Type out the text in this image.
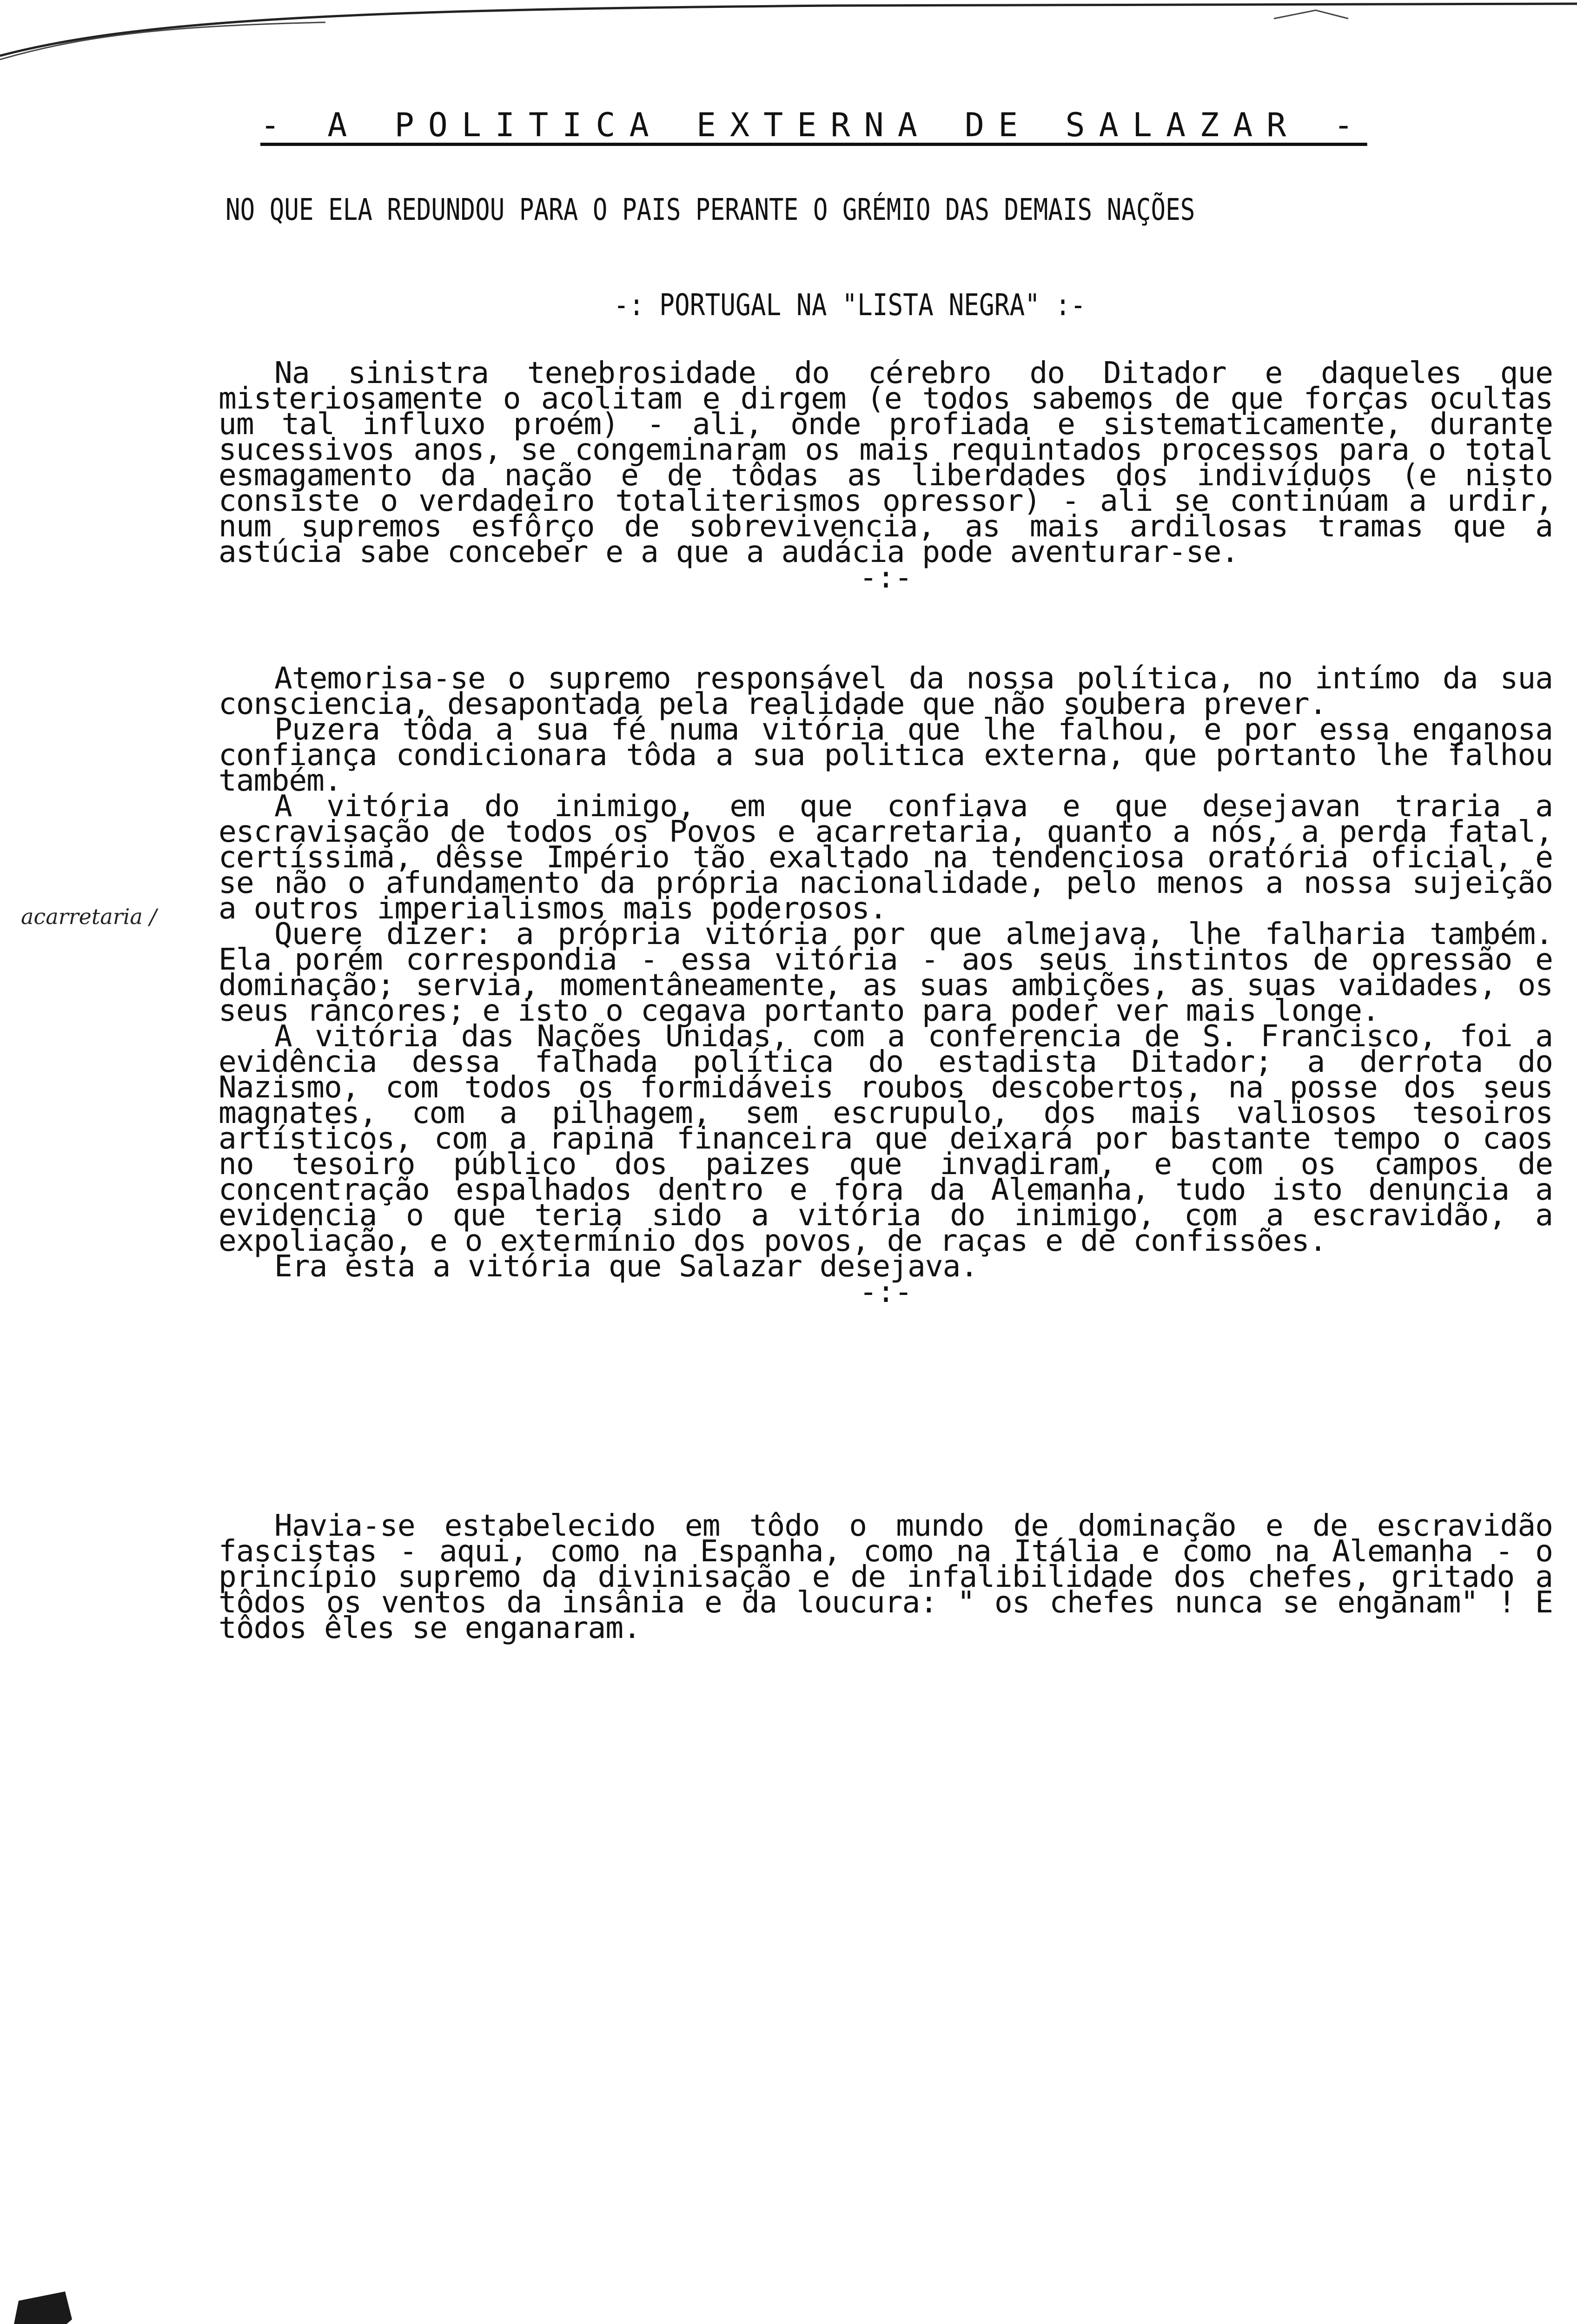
- A POLITICA EXTERNA DE SALAZAR -
NO QUE ELA REDUNDOU PARA O PAIS PERANTE O GRÉMIO DAS DEMAIS NAÇÕES
-: PORTUGAL NA "LISTA NEGRA" :-
acarretaria /

Na sinistra tenebrosidade do cérebro do Ditador e daqueles que misteriosamente o acolitam e dirgem (e todos sabemos de que forças ocultas um tal influxo proém) - ali, onde profiada e sistematicamente, durante sucessivos anos, se congeminaram os mais requintados processos para o total esmagamento da nação e de tôdas as liberdades dos indivíduos (e nisto consiste o verdadeiro totaliterismos opressor) - ali se continúam a urdir, num supremos esfôrço de sobrevivencia, as mais ardilosas tramas que a astúcia sabe conceber e a que a audácia pode aventurar-se.

-:-

Atemorisa-se o supremo responsável da nossa política, no intímo da sua consciencia, desapontada pela realidade que não soubera prever.

Puzera tôda a sua fé numa vitória que lhe falhou, e por essa enganosa confiança condicionara tôda a sua politica externa, que portanto lhe falhou também.

A vitória do inimigo, em que confiava e que desejavan traria a escravisação de todos os Povos e acarretaria, quanto a nós, a perda fatal, certíssima, dêsse Império tão exaltado na tendenciosa oratória oficial, e se não o afundamento da própria nacionalidade, pelo menos a nossa sujeição a outros imperialismos mais poderosos.

Quere dizer: a própria vitória por que almejava, lhe falharia também. Ela porém correspondia - essa vitória - aos seus instintos de opressão e dominação; servia, momentâneamente, as suas ambições, as suas vaidades, os seus rancores; e isto o cegava portanto para poder ver mais longe.

A vitória das Nações Unidas, com a conferencia de S. Francisco, foi a evidência dessa falhada política do estadista Ditador; a derrota do Nazismo, com todos os formidáveis roubos descobertos, na posse dos seus magnates, com a pilhagem, sem escrupulo, dos mais valiosos tesoiros artísticos, com a rapina financeira que deixará por bastante tempo o caos no tesoiro público dos paizes que invadiram, e com os campos de concentração espalhados dentro e fora da Alemanha, tudo isto denuncia a evidencia o que teria sido a vitória do inimigo, com a escravidão, a expoliação, e o extermínio dos povos, de raças e de confissões.

Era esta a vitória que Salazar desejava.

-:-

Havia-se estabelecido em tôdo o mundo de dominação e de escravidão fascistas - aqui, como na Espanha, como na Itália e como na Alemanha - o princípio supremo da divinisação e de infalibilidade dos chefes, gritado a tôdos os ventos da insânia e da loucura: " os chefes nunca se enganam" ! E tôdos êles se enganaram.
